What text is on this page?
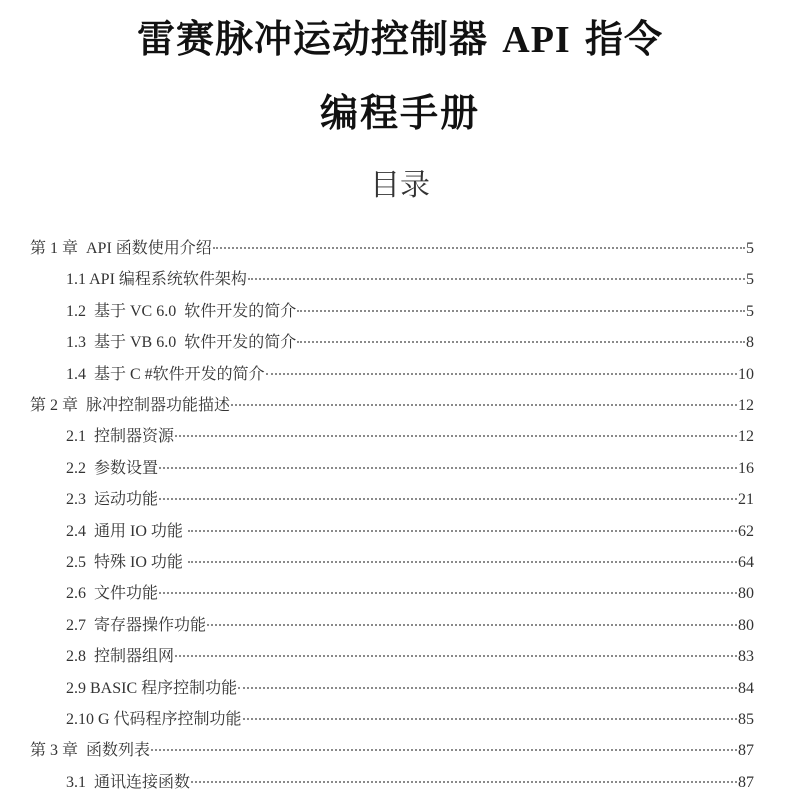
雷赛脉冲运动控制器 API 指令
编程手册
目录
第 1 章  API 函数使用介绍	5
1.1 API 编程系统软件架构	5
1.2  基于 VC 6.0  软件开发的简介	5
1.3  基于 VB 6.0  软件开发的简介	8
1.4  基于 C #软件开发的简介	10
第 2 章  脉冲控制器功能描述	12
2.1  控制器资源	12
2.2  参数设置	16
2.3  运动功能	21
2.4  通用 IO 功能	62
2.5  特殊 IO 功能	64
2.6  文件功能	80
2.7  寄存器操作功能	80
2.8  控制器组网	83
2.9 BASIC 程序控制功能	84
2.10 G 代码程序控制功能	85
第 3 章  函数列表	87
3.1  通讯连接函数	87
